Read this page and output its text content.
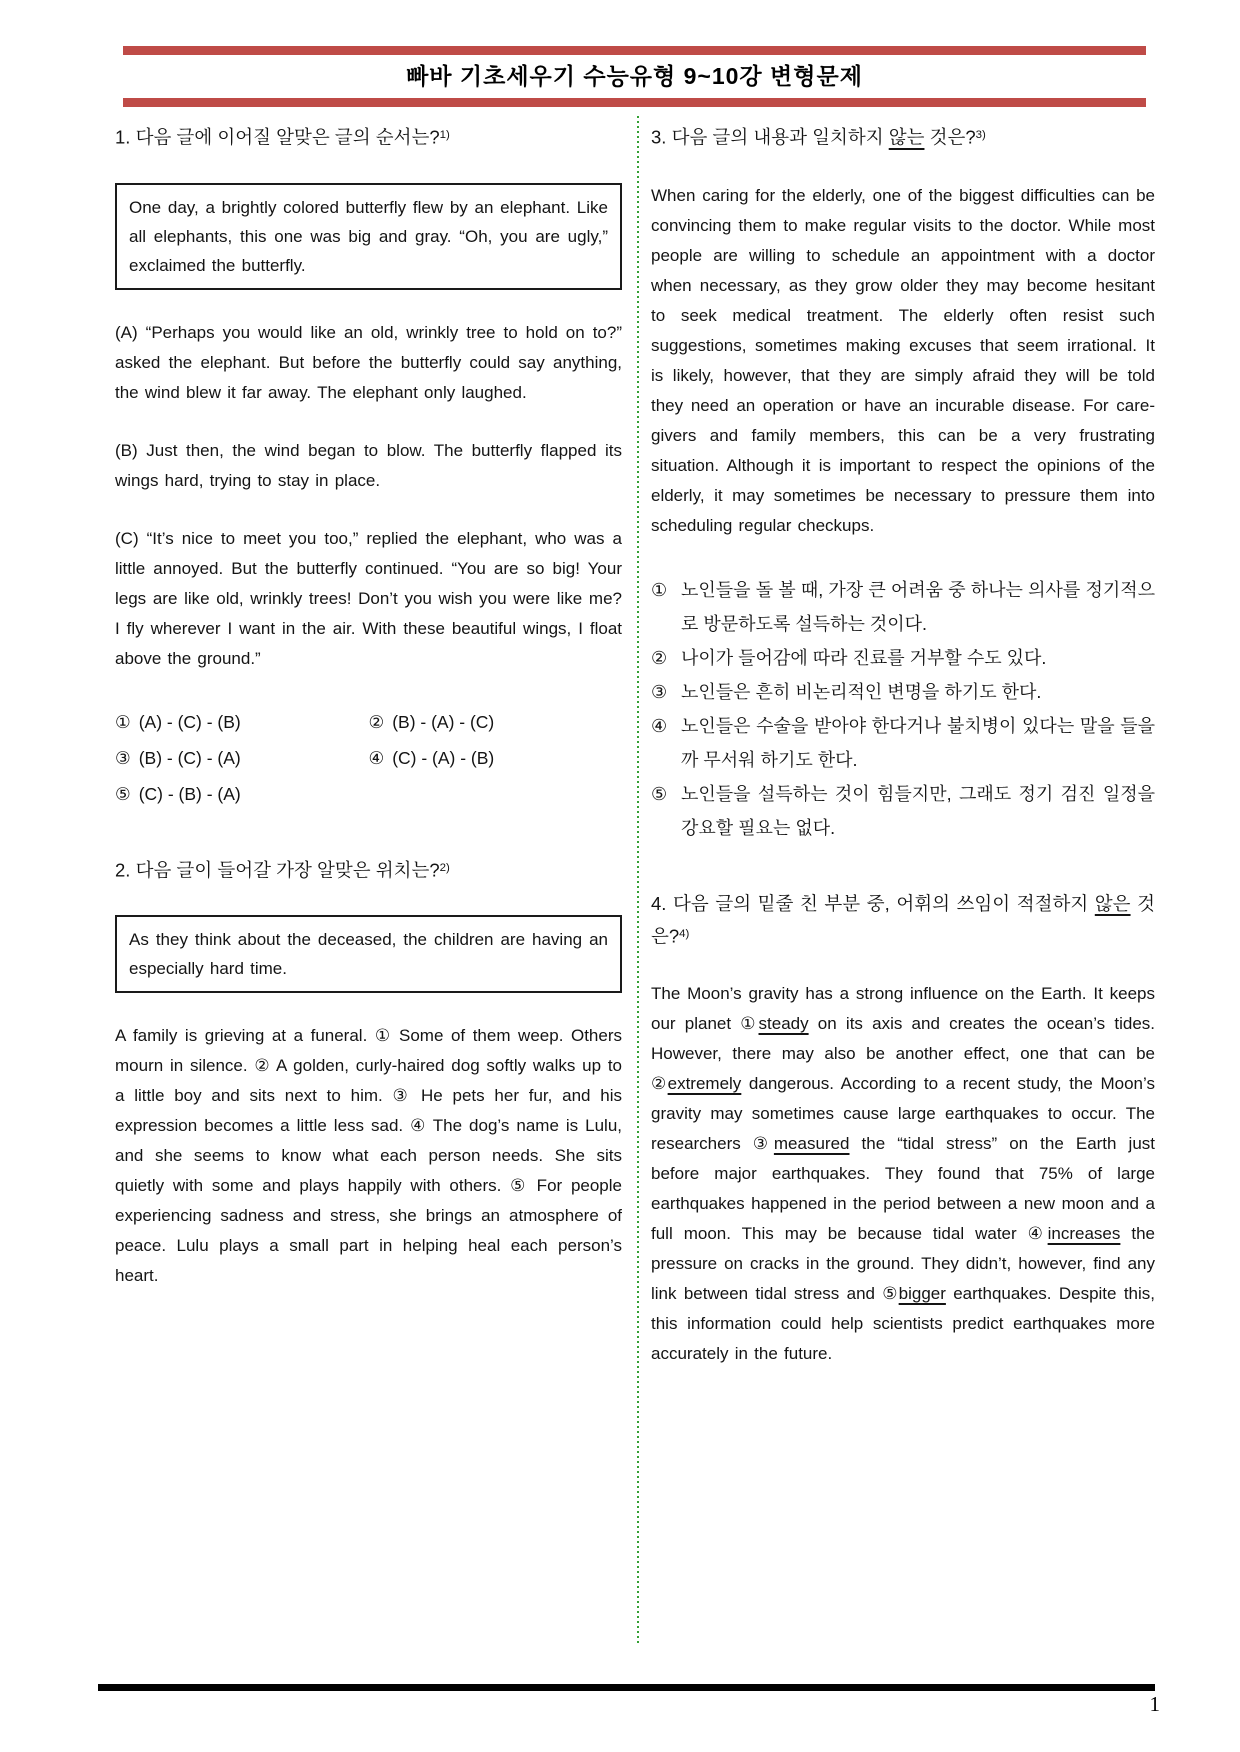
빠바 기초세우기 수능유형 9~10강 변형문제
1. 다음 글에 이어질 알맞은 글의 순서는?$^{1)}$

One day, a brightly colored butterfly flew by an elephant. Like all elephants, this one was big and gray. “Oh, you are ugly,” exclaimed the butterfly.

(A) “Perhaps you would like an old, wrinkly tree to hold on to?” asked the elephant. But before the butterfly could say anything, the wind blew it far away. The elephant only laughed.

(B) Just then, the wind began to blow. The butterfly flapped its wings hard, trying to stay in place.

(C) “It’s nice to meet you too,” replied the elephant, who was a little annoyed. But the butterfly continued. “You are so big! Your legs are like old, wrinkly trees! Don’t you wish you were like me? I fly wherever I want in the air. With these beautiful wings, I float above the ground.”

① (A) - (C) - (B)	② (B) - (A) - (C)
③ (B) - (C) - (A)	④ (C) - (A) - (B)
⑤ (C) - (B) - (A)
2. 다음 글이 들어갈 가장 알맞은 위치는?$^{2)}$

As they think about the deceased, the children are having an especially hard time.

A family is grieving at a funeral. ① Some of them weep. Others mourn in silence. ② A golden, curly-haired dog softly walks up to a little boy and sits next to him. ③ He pets her fur, and his expression becomes a little less sad. ④ The dog’s name is Lulu, and she seems to know what each person needs. She sits quietly with some and plays happily with others. ⑤ For people experiencing sadness and stress, she brings an atmosphere of peace. Lulu plays a small part in helping heal each person’s heart.

3. 다음 글의 내용과 일치하지 않는 것은?$^{3)}$

When caring for the elderly, one of the biggest difficulties can be convincing them to make regular visits to the doctor. While most people are willing to schedule an appointment with a doctor when necessary, as they grow older they may become hesitant to seek medical treatment. The elderly often resist such suggestions, sometimes making excuses that seem irrational. It is likely, however, that they are simply afraid they will be told they need an operation or have an incurable disease. For care-givers and family members, this can be a very frustrating situation. Although it is important to respect the opinions of the elderly, it may sometimes be necessary to pressure them into scheduling regular checkups.

① 노인들을 돌 볼 때, 가장 큰 어려움 중 하나는 의사를 정기적으로 방문하도록 설득하는 것이다.
② 나이가 들어감에 따라 진료를 거부할 수도 있다.
③ 노인들은 흔히 비논리적인 변명을 하기도 한다.
④ 노인들은 수술을 받아야 한다거나 불치병이 있다는 말을 들을까 무서워 하기도 한다.
⑤ 노인들을 설득하는 것이 힘들지만, 그래도 정기 검진 일정을 강요할 필요는 없다.
4. 다음 글의 밑줄 친 부분 중, 어휘의 쓰임이 적절하지 않은 것은?$^{4)}$

The Moon’s gravity has a strong influence on the Earth. It keeps our planet ①steady on its axis and creates the ocean’s tides. However, there may also be another effect, one that can be ②extremely dangerous. According to a recent study, the Moon’s gravity may sometimes cause large earthquakes to occur. The researchers ③measured the “tidal stress” on the Earth just before major earthquakes. They found that 75% of large earthquakes happened in the period between a new moon and a full moon. This may be because tidal water ④increases the pressure on cracks in the ground. They didn’t, however, find any link between tidal stress and ⑤bigger earthquakes. Despite this, this information could help scientists predict earthquakes more accurately in the future.

1
